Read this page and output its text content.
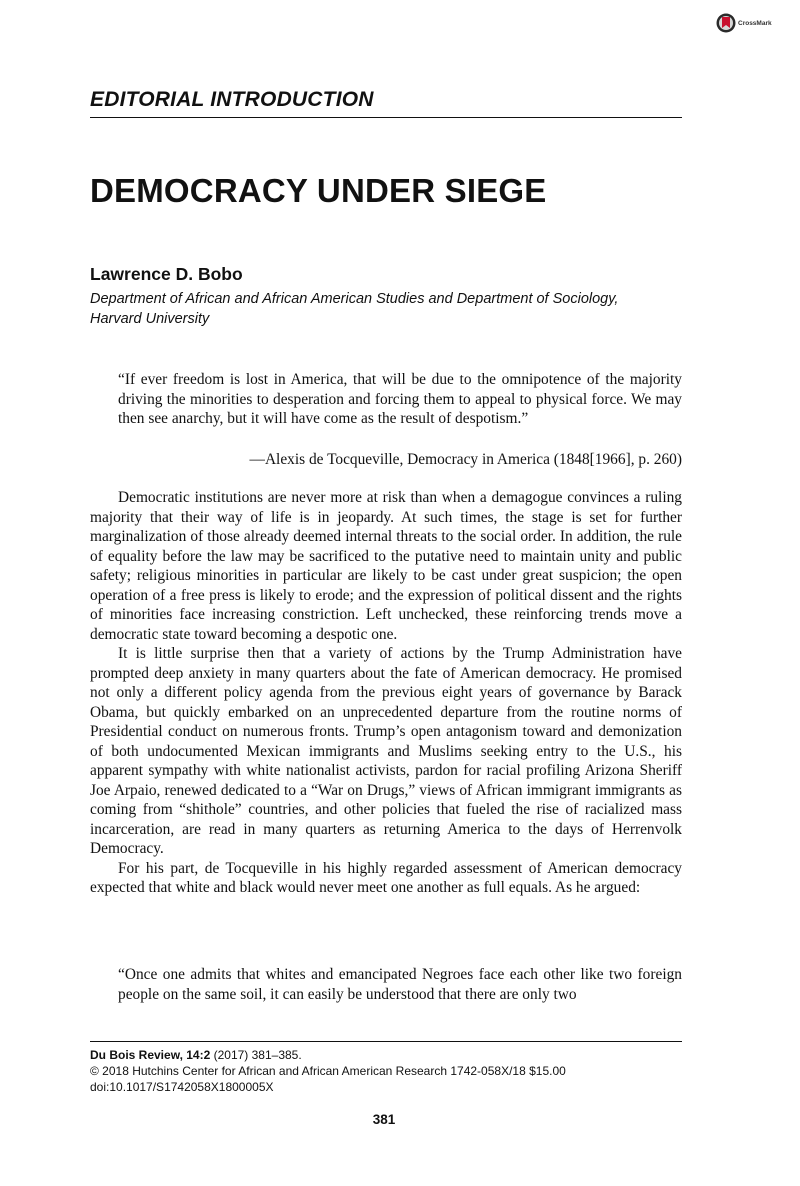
CrossMark
EDITORIAL INTRODUCTION
DEMOCRACY UNDER SIEGE
Lawrence D. Bobo
Department of African and African American Studies and Department of Sociology,
Harvard University
“If ever freedom is lost in America, that will be due to the omnipotence of the majority driving the minorities to desperation and forcing them to appeal to physical force. We may then see anarchy, but it will have come as the result of despotism.”
—Alexis de Tocqueville, Democracy in America (1848[1966], p. 260)

Democratic institutions are never more at risk than when a demagogue convinces a ruling majority that their way of life is in jeopardy. At such times, the stage is set for further marginalization of those already deemed internal threats to the social order. In addition, the rule of equality before the law may be sacrificed to the putative need to maintain unity and public safety; religious minorities in particular are likely to be cast under great suspicion; the open operation of a free press is likely to erode; and the expression of political dissent and the rights of minorities face increasing constriction. Left unchecked, these reinforcing trends move a democratic state toward becoming a despotic one.

It is little surprise then that a variety of actions by the Trump Administration have prompted deep anxiety in many quarters about the fate of American democracy. He promised not only a different policy agenda from the previous eight years of governance by Barack Obama, but quickly embarked on an unprecedented departure from the routine norms of Presidential conduct on numerous fronts. Trump’s open antagonism toward and demonization of both undocumented Mexican immigrants and Muslims seeking entry to the U.S., his apparent sympathy with white nationalist activists, pardon for racial profiling Arizona Sheriff Joe Arpaio, renewed dedicated to a “War on Drugs,” views of African immigrant immigrants as coming from “shithole” countries, and other policies that fueled the rise of racialized mass incarceration, are read in many quarters as returning America to the days of Herrenvolk Democracy.

For his part, de Tocqueville in his highly regarded assessment of American democracy expected that white and black would never meet one another as full equals. As he argued:

“Once one admits that whites and emancipated Negroes face each other like two foreign people on the same soil, it can easily be understood that there are only two
Du Bois Review, 14:2 (2017) 381–385.
© 2018 Hutchins Center for African and African American Research 1742-058X/18 $15.00
doi:10.1017/S1742058X1800005X
381
